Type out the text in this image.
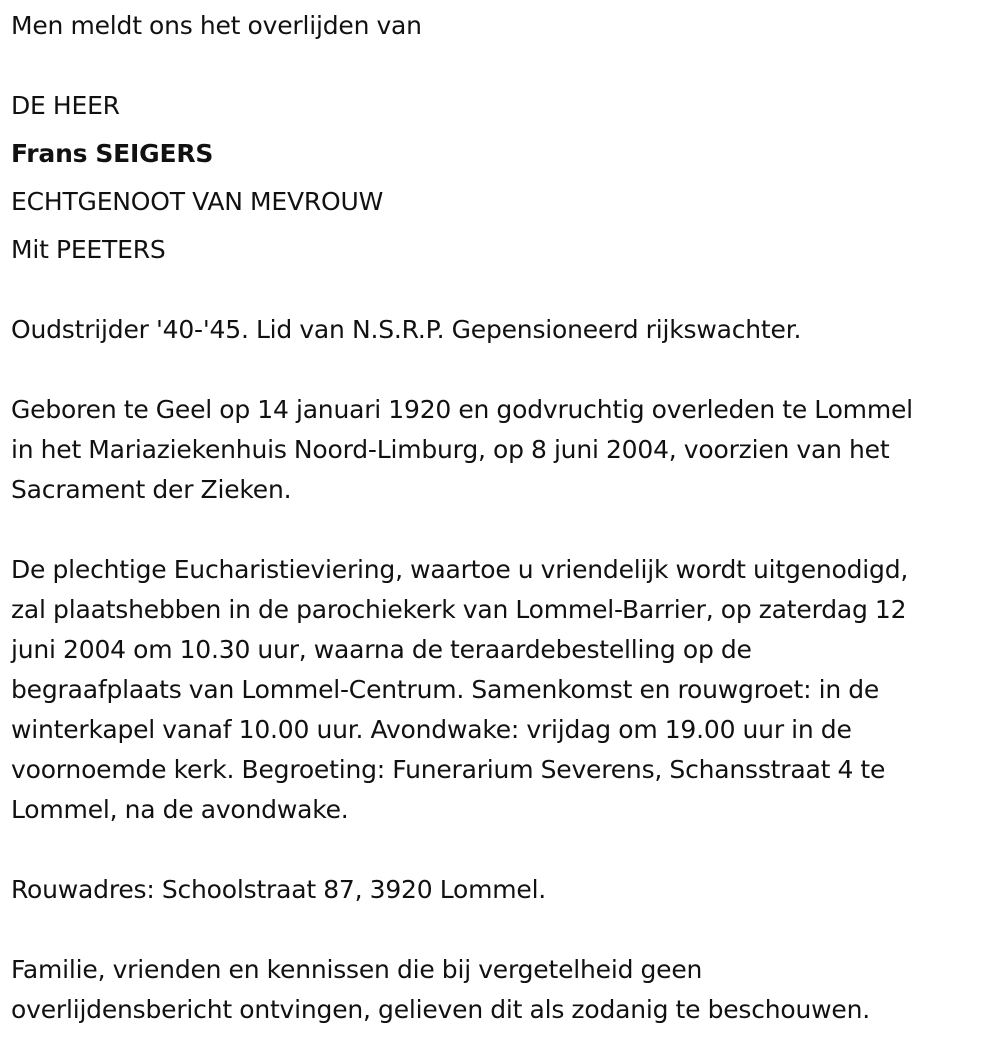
Men meldt ons het overlijden van

DE HEER

Frans SEIGERS

ECHTGENOOT VAN MEVROUW

Mit PEETERS

Oudstrijder '40-'45. Lid van N.S.R.P. Gepensioneerd rijkswachter.

Geboren te Geel op 14 januari 1920 en godvruchtig overleden te Lommel

in het Mariaziekenhuis Noord-Limburg, op 8 juni 2004, voorzien van het

Sacrament der Zieken.

De plechtige Eucharistieviering, waartoe u vriendelijk wordt uitgenodigd,

zal plaatshebben in de parochiekerk van Lommel-Barrier, op zaterdag 12

juni 2004 om 10.30 uur, waarna de teraardebestelling op de

begraafplaats van Lommel-Centrum. Samenkomst en rouwgroet: in de

winterkapel vanaf 10.00 uur. Avondwake: vrijdag om 19.00 uur in de

voornoemde kerk. Begroeting: Funerarium Severens, Schansstraat 4 te

Lommel, na de avondwake.

Rouwadres: Schoolstraat 87, 3920 Lommel.

Familie, vrienden en kennissen die bij vergetelheid geen

overlijdensbericht ontvingen, gelieven dit als zodanig te beschouwen.
